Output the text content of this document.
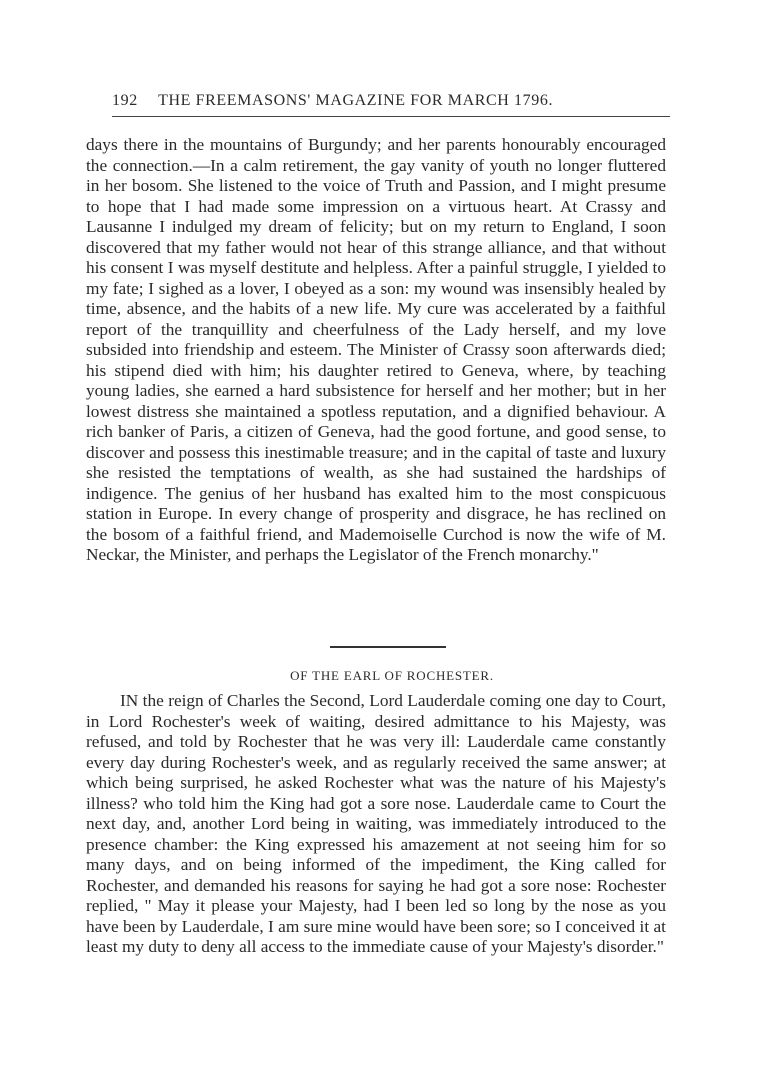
192 THE FREEMASONS' MAGAZINE FOR MARCH 1796.

days there in the mountains of Burgundy; and her parents honourably encouraged the connection.—In a calm retirement, the gay vanity of youth no longer fluttered in her bosom. She listened to the voice of Truth and Passion, and I might presume to hope that I had made some impression on a virtuous heart. At Crassy and Lausanne I indulged my dream of felicity; but on my return to England, I soon discovered that my father would not hear of this strange alliance, and that without his consent I was myself destitute and helpless. After a painful struggle, I yielded to my fate; I sighed as a lover, I obeyed as a son: my wound was insensibly healed by time, absence, and the habits of a new life. My cure was accelerated by a faithful report of the tranquillity and cheerfulness of the Lady herself, and my love subsided into friendship and esteem. The Minister of Crassy soon afterwards died; his stipend died with him; his daughter retired to Geneva, where, by teaching young ladies, she earned a hard subsistence for herself and her mother; but in her lowest distress she maintained a spotless reputation, and a dignified behaviour. A rich banker of Paris, a citizen of Geneva, had the good fortune, and good sense, to discover and possess this inestimable treasure; and in the capital of taste and luxury she resisted the temptations of wealth, as she had sustained the hardships of indigence. The genius of her husband has exalted him to the most conspicuous station in Europe. In every change of prosperity and disgrace, he has reclined on the bosom of a faithful friend, and Mademoiselle Curchod is now the wife of M. Neckar, the Minister, and perhaps the Legislator of the French monarchy."

OF THE EARL OF ROCHESTER.

IN the reign of Charles the Second, Lord Lauderdale coming one day to Court, in Lord Rochester's week of waiting, desired admittance to his Majesty, was refused, and told by Rochester that he was very ill: Lauderdale came constantly every day during Rochester's week, and as regularly received the same answer; at which being surprised, he asked Rochester what was the nature of his Majesty's illness? who told him the King had got a sore nose. Lauderdale came to Court the next day, and, another Lord being in waiting, was immediately introduced to the presence chamber: the King expressed his amazement at not seeing him for so many days, and on being informed of the impediment, the King called for Rochester, and demanded his reasons for saying he had got a sore nose: Rochester replied, " May it please your Majesty, had I been led so long by the nose as you have been by Lauderdale, I am sure mine would have been sore; so I conceived it at least my duty to deny all access to the immediate cause of your Majesty's disorder."
